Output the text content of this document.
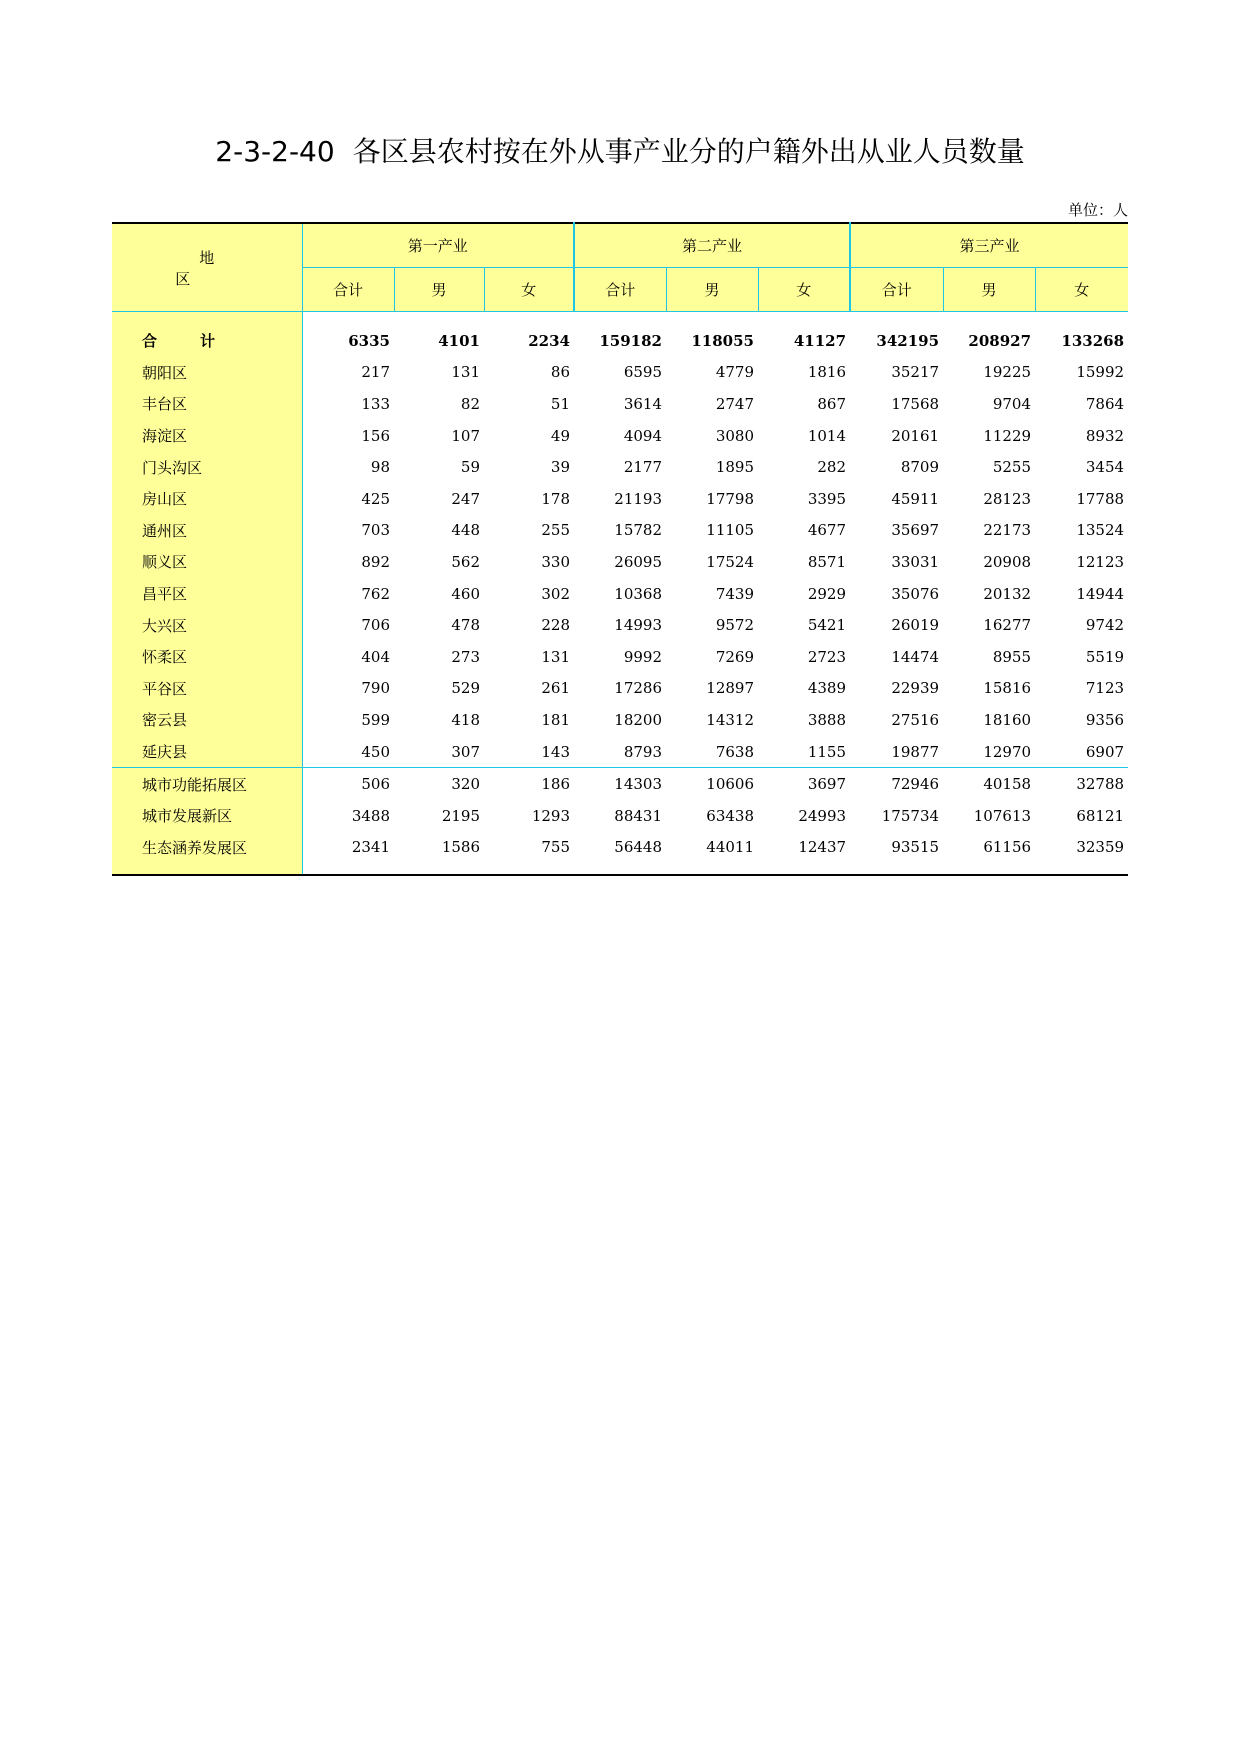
2-3-2-40 各区县农村按在外从事产业分的户籍外出从业人员数量
单位：人
地　　区	第一产业			第二产业			第三产业		
	合计	男	女	合计	男	女	合计	男	女
合　计	6335	4101	2234	159182	118055	41127	342195	208927	133268
朝阳区	217	131	86	6595	4779	1816	35217	19225	15992
丰台区	133	82	51	3614	2747	867	17568	9704	7864
海淀区	156	107	49	4094	3080	1014	20161	11229	8932
门头沟区	98	59	39	2177	1895	282	8709	5255	3454
房山区	425	247	178	21193	17798	3395	45911	28123	17788
通州区	703	448	255	15782	11105	4677	35697	22173	13524
顺义区	892	562	330	26095	17524	8571	33031	20908	12123
昌平区	762	460	302	10368	7439	2929	35076	20132	14944
大兴区	706	478	228	14993	9572	5421	26019	16277	9742
怀柔区	404	273	131	9992	7269	2723	14474	8955	5519
平谷区	790	529	261	17286	12897	4389	22939	15816	7123
密云县	599	418	181	18200	14312	3888	27516	18160	9356
延庆县	450	307	143	8793	7638	1155	19877	12970	6907
城市功能拓展区	506	320	186	14303	10606	3697	72946	40158	32788
城市发展新区	3488	2195	1293	88431	63438	24993	175734	107613	68121
生态涵养发展区	2341	1586	755	56448	44011	12437	93515	61156	32359
